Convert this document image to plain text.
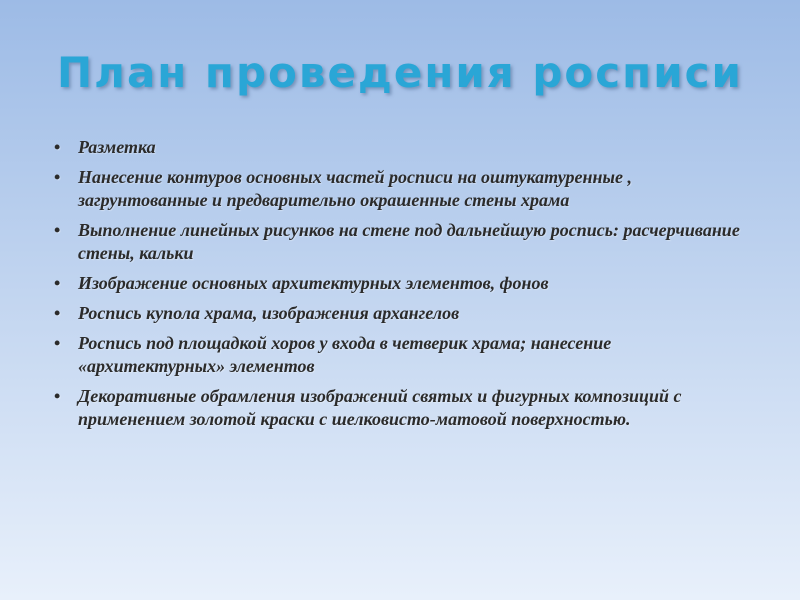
План проведения росписи
• Разметка
• Нанесение контуров основных частей росписи на оштукатуренные , загрунтованные и предварительно окрашенные стены храма
• Выполнение линейных рисунков на стене под дальнейшую роспись: расчерчивание стены, кальки
• Изображение основных архитектурных элементов, фонов
• Роспись купола храма, изображения архангелов
• Роспись под площадкой хоров у входа в четверик храма; нанесение «архитектурных» элементов
• Декоративные обрамления изображений святых и фигурных композиций с применением золотой краски с шелковисто-матовой поверхностью.
